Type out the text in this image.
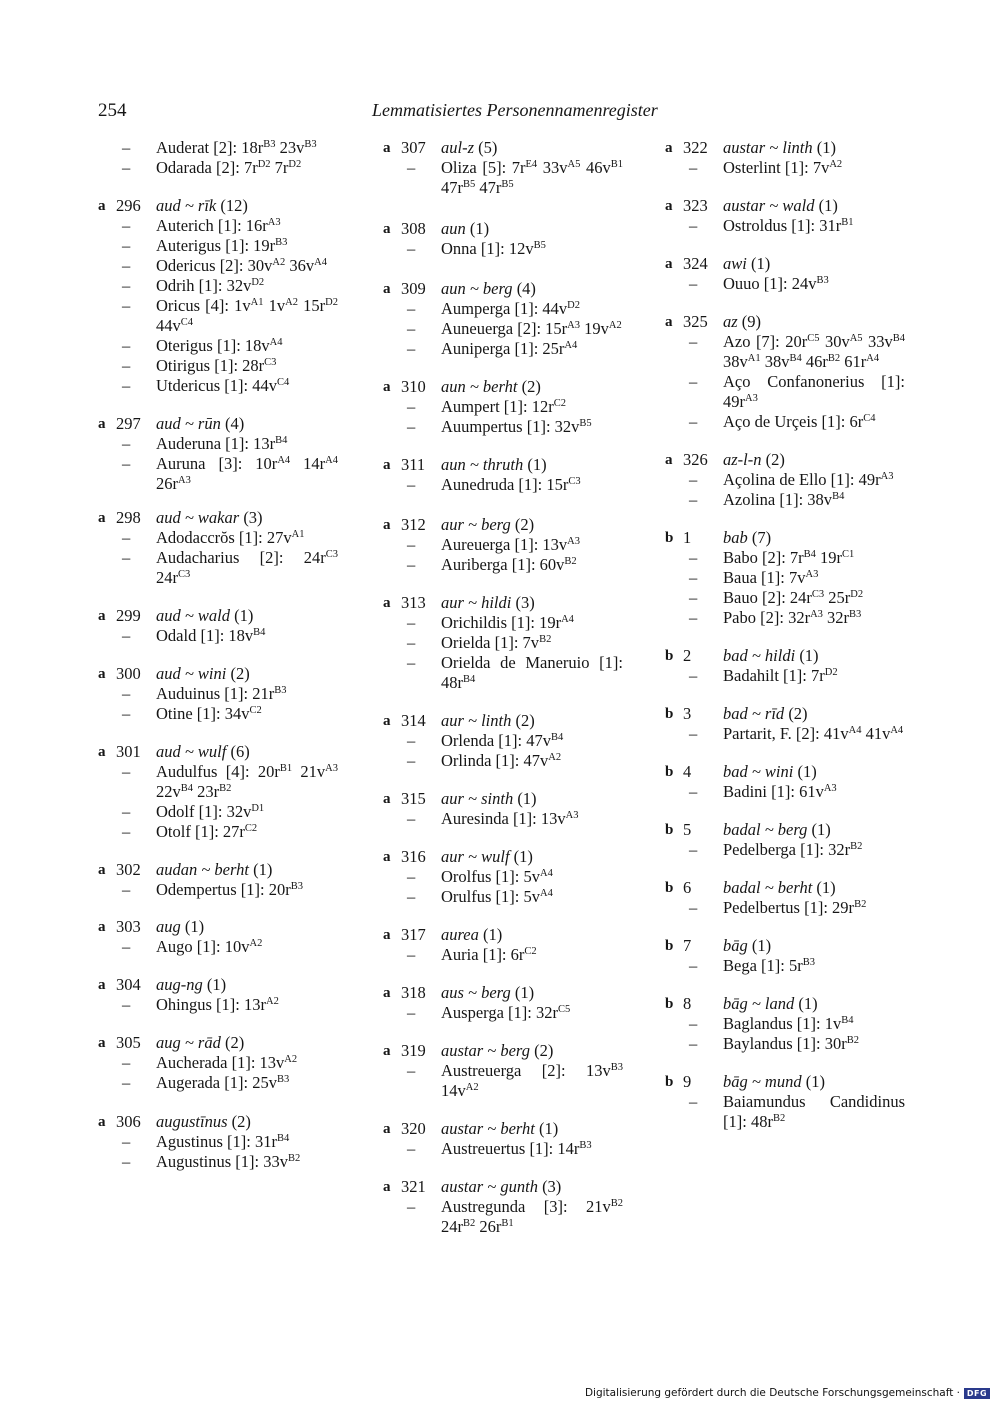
254	Lemmatisiertes Personennamenregister
–	Auderat [2]: $18r^{B3}$ $23v^{B3}$
–	Odarada [2]: $7r^{D2}$ $7r^{D2}$
a 296 aud ~ rīk (12)
–	Auterich [1]: $16r^{A3}$
–	Auterigus [1]: $19r^{B3}$
–	Odericus [2]: $30v^{A2}$ $36v^{A4}$
–	Odrih [1]: $32v^{D2}$
–	Oricus [4]: $1v^{A1}$ $1v^{A2}$ $15r^{D2}$ $44v^{C4}$
–	Oterigus [1]: $18v^{A4}$
–	Otirigus [1]: $28r^{C3}$
–	Utdericus [1]: $44v^{C4}$
a 297 aud ~ rūn (4)
–	Auderuna [1]: $13r^{B4}$
–	Auruna [3]: $10r^{A4}$ $14r^{A4}$ $26r^{A3}$
a 298 aud ~ wakar (3)
–	Adodaccrŏs [1]: $27v^{A1}$
–	Audacharius [2]: $24r^{C3}$ $24r^{C3}$
a 299 aud ~ wald (1)
–	Odald [1]: $18v^{B4}$
a 300 aud ~ wini (2)
–	Auduinus [1]: $21r^{B3}$
–	Otine [1]: $34v^{C2}$
a 301 aud ~ wulf (6)
–	Audulfus [4]: $20r^{B1}$ $21v^{A3}$ $22v^{B4}$ $23r^{B2}$
–	Odolf [1]: $32v^{D1}$
–	Otolf [1]: $27r^{C2}$
a 302 audan ~ berht (1)
–	Odempertus [1]: $20r^{B3}$
a 303 aug (1)
–	Augo [1]: $10v^{A2}$
a 304 aug-ng (1)
–	Ohingus [1]: $13r^{A2}$
a 305 aug ~ rād (2)
–	Aucherada [1]: $13v^{A2}$
–	Augerada [1]: $25v^{B3}$
a 306 augustīnus (2)
–	Agustinus [1]: $31r^{B4}$
–	Augustinus [1]: $33v^{B2}$
a 307 aul-z (5)
–	Oliza [5]: $7r^{E4}$ $33v^{A5}$ $46v^{B1}$ $47r^{B5}$ $47r^{B5}$
a 308 aun (1)
–	Onna [1]: $12v^{B5}$
a 309 aun ~ berg (4)
–	Aumperga [1]: $44v^{D2}$
–	Auneuerga [2]: $15r^{A3}$ $19v^{A2}$
–	Auniperga [1]: $25r^{A4}$
a 310 aun ~ berht (2)
–	Aumpert [1]: $12r^{C2}$
–	Auumpertus [1]: $32v^{B5}$
a 311 aun ~ thruth (1)
–	Aunedruda [1]: $15r^{C3}$
a 312 aur ~ berg (2)
–	Aureuerga [1]: $13v^{A3}$
–	Auriberga [1]: $60v^{B2}$
a 313 aur ~ hildi (3)
–	Orichildis [1]: $19r^{A4}$
–	Orielda [1]: $7v^{B2}$
–	Orielda de Maneruio [1]: $48r^{B4}$
a 314 aur ~ linth (2)
–	Orlenda [1]: $47v^{B4}$
–	Orlinda [1]: $47v^{A2}$
a 315 aur ~ sinth (1)
–	Auresinda [1]: $13v^{A3}$
a 316 aur ~ wulf (1)
–	Orolfus [1]: $5v^{A4}$
–	Orulfus [1]: $5v^{A4}$
a 317 aurea (1)
–	Auria [1]: $6r^{C2}$
a 318 aus ~ berg (1)
–	Ausperga [1]: $32r^{C5}$
a 319 austar ~ berg (2)
–	Austreuerga [2]: $13v^{B3}$ $14v^{A2}$
a 320 austar ~ berht (1)
–	Austreuertus [1]: $14r^{B3}$
a 321 austar ~ gunth (3)
–	Austregunda [3]: $21v^{B2}$ $24r^{B2}$ $26r^{B1}$
a 322 austar ~ linth (1)
–	Osterlint [1]: $7v^{A2}$
a 323 austar ~ wald (1)
–	Ostroldus [1]: $31r^{B1}$
a 324 awi (1)
–	Ouuo [1]: $24v^{B3}$
a 325 az (9)
–	Azo [7]: $20r^{C5}$ $30v^{A5}$ $33v^{B4}$ $38v^{A1}$ $38v^{B4}$ $46r^{B2}$ $61r^{A4}$
–	Aço Confanonerius [1]: $49r^{A3}$
–	Aço de Urçeis [1]: $6r^{C4}$
a 326 az-l-n (2)
–	Açolina de Ello [1]: $49r^{A3}$
–	Azolina [1]: $38v^{B4}$
b 1	bab (7)
–	Babo [2]: $7r^{B4}$ $19r^{C1}$
–	Baua [1]: $7v^{A3}$
–	Bauo [2]: $24r^{C3}$ $25r^{D2}$
–	Pabo [2]: $32r^{A3}$ $32r^{B3}$
b 2	bad ~ hildi (1)
–	Badahilt [1]: $7r^{D2}$
b 3	bad ~ rīd (2)
–	Partarit, F. [2]: $41v^{A4}$ $41v^{A4}$
b 4	bad ~ wini (1)
–	Badini [1]: $61v^{A3}$
b 5	badal ~ berg (1)
–	Pedelberga [1]: $32r^{B2}$
b 6	badal ~ berht (1)
–	Pedelbertus [1]: $29r^{B2}$
b 7	bāg (1)
–	Bega [1]: $5r^{B3}$
b 8	bāg ~ land (1)
–	Baglandus [1]: $1v^{B4}$
–	Baylandus [1]: $30r^{B2}$
b 9	bāg ~ mund (1)
–	Baiamundus Candidinus [1]: $48r^{B2}$
Digitalisierung gefördert durch die Deutsche Forschungsgemeinschaft · DFG
